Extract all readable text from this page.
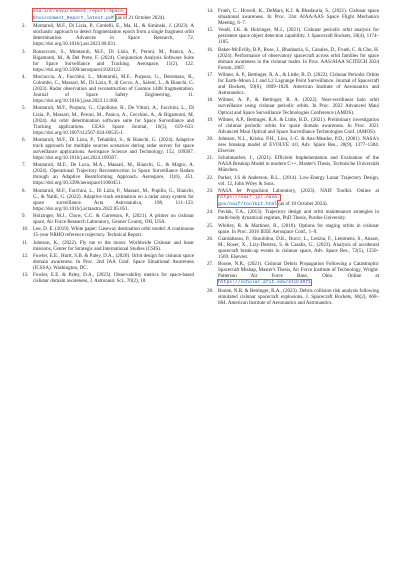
esa.int/environment_report/Space_
Environment_Report_latest.pdf (as of 21 October 2024).
2. Montaruli, M.F., Di Lizia, P., Cordelli, E., Ma, H., & Siminski, J. (2023). A stochastic approach to detect fragmentation epoch from a single fragment orbit determination. Advances in Space Research, 72. https://doi.org/10.1016/j.asr.2023.08.031.
3. Bonaccorsi, S., Montaruli, M.F., Di Lizia, P., Peroni, M., Panico, A., Rigamonti, M., & Del Prete, F. (2024). Conjunction Analysis Software Suite for Space Surveillance and Tracking. Aerospace, 11(2), 122. https://doi.org/10.3390/aerospace11020122.
4. Muciaccia, A., Facchini, L., Montaruli, M.F., Purpura, G., Detomaso, R., Colombo, C., Massari, M., Di Lizia, P., di Cecco, A., Salotti, L., & Bianchi, G. (2023). Radar observation and reconstruction of Cosmos 1408 fragmentation. Journal of Space Safety Engineering, 11. https://doi.org/10.1016/j.jsse.2023.11.006.
5. Montaruli, M.F., Purpura, G., Cipollone, R., De Vittori, A., Facchini, L., Di Lizia, P., Massari, M., Peroni, M., Panico, A., Cecchini, A., & Rigamonti, M. (2024). An orbit determination software suite for Space Surveillance and Tracking applications. CEAS Space Journal, 16(5), 619–633. https://doi.org/10.1007/s12567-024-00535-1.
6. Montaruli, M.F., Di Lizia, P., Tebaldini, S., & Bianchi, G. (2024). Adaptive track approach for multiple sources scenarios during radar survey for space surveillance applications. Aerospace Science and Technology, 152, 109307. https://doi.org/10.1016/j.ast.2024.109307.
7. Montaruli, M.F., De Luca, M.A., Massari, M., Bianchi, G., & Magro, A. (2024). Operational Trajectory Reconstruction in Space Surveillance Radars through an Adaptive Beamforming Approach. Aerospace, 11(6), 451. https://doi.org/10.3390/aerospace11060451.
8. Montaruli, M.F., Facchini, L., Di Lizia, P., Massari, M., Pupillo, G., Bianchi, G., & Naldi, G. (2022). Adaptive track estimation on a radar array system for space surveillance. Acta Astronautica, 198, 111–123. https://doi.org/10.1016/j.actaastro.2022.05.051.
9. Holzinger, M.J., Chow, C.C. & Garretson, P., (2021). A primer on cislunar space, Air Force Research Laboratory, Genner County, OH, USA.
10. Lee, D. E. (2019). White paper: Gateway destination orbit model: A continuous 15-year NRHO reference trajectory. Technical Report.
11. Johnson, K., (2022). Fly me to the moon: Worldwide Cislunar and lunar missions, Center for Strategic and International Studies (CSIS).
12. Fowler, E.E., Hurtt, S.B. & Paley, D.A., (2020). Orbit design for cislunar space domain awareness. In Proc. 2nd IAA Conf. Space Situational Awareness (ICSSA), Washington, DC.
13. Fowler, E.E. & Paley, D.A., (2023). Observability metrics for space-based cislunar domain awareness, J. Astronaut. Sci., 70(2), 10.
14. Frueh, C., Howell, K., DeMars, K.J. & Bhadauria, S., (2021). Cislunar space situational awareness. In Proc. 31st AIAA/AAS Space Flight Mechanics Meeting, 6–7.
15. Vendl, J.K. & Holzinger, M.J., (2021). Cislunar periodic orbit analysis for persistent space object detection capability, J. Spacecraft Rockets, 58(4), 1174–1185.
16. Baker-McEvilly, B.P., Rose, J., Bhadauria, S., Canales, D., Frueh, C. & Cho, H. (2024). Performance of observatory spacecraft across orbit families for space domain awareness in the cislunar realm. In Proc. AAS/AIAA SCITECH 2024 Forum, 2067.
17. Wilmer, A. P., Bettinger, R. A., & Little, B. D. (2022). Cislunar Periodic Orbits for Earth–Moon L1 and L2 Lagrange Point Surveillance. Journal of Spacecraft and Rockets, 59(6), 1809–1820. American Institute of Aeronautics and Astronautics.
18. Wilmer, A. P., & Bettinger, R. A. (2022). Near-rectilinear halo orbit surveillance using cislunar periodic orbits. In Proc. 2022 Advanced Maui Optical and Space Surveillance Technologies Conference (AMOS).
19. Wilmer, A.P., Bettinger, R.A. & Little, B.D., (2021). Preliminary investigation of cislunar periodic orbits for space domain awareness. In Proc. 2021 Advanced Maui Optical and Space Surveillance Technologies Conf. (AMOS).
20. Johnson, N.L., Krisko, P.H., Liou, J.-C. & Anz-Meador, P.D., (2001). NASA's new breakup model of EVOLVE 4.0, Adv. Space Res., 28(9), 1377–1384. Elsevier.
21. Schuhmacher, J., (2021). Efficient Implementation and Evaluation of the NASA Breakup Model in modern C++, Master's Thesis, Technische Universität München.
22. Parker, J.S & Anderson, R.L., (2014). Low-Energy Lunar Trajectory Design, vol. 12, John Wiley & Sons.
23. NASA Jet Propulsion Laboratory, (2023). NAIF Toolkit. Online at https://naif.jpl.nasa.
gov/naif/toolkit.html (as of 10 October 2024).
24. Pavlak, T.A., (2013). Trajectory design and orbit maintenance strategies in multi-body dynamical regimes, PhD Thesis, Purdue University.
25. Whitley, R. & Martinez, R., (2016). Options for staging orbits in cislunar space. In Proc. 2016 IEEE Aerospace Conf., 1–9.
26. Giardabasso, P., Skoulidou, D.K., Bucci, L., Letizia, F., Lemmens, S., Ansart, M., Roser, X., Lizy-Destrez, S. & Casalis, G., (2023). Analysis of accidental spacecraft break-up events in cislunar space, Adv. Space Res., 72(5), 1550–1569. Elsevier.
27. Boone, N.R., (2021). Cislunar Debris Propagation Following a Catastrophic Spacecraft Mishap, Master's Thesis, Air Force Institute of Technology, Wright-Patterson Air Force Base, Ohio. Online at https://scholar.afit.edu/etd/4971.
28. Boone, N.R. & Bettinger, R.A., (2023). Debris collision risk analysis following simulated cislunar spacecraft explosions, J. Spacecraft Rockets, 60(2), 668–684. American Institute of Aeronautics and Astronautics.
